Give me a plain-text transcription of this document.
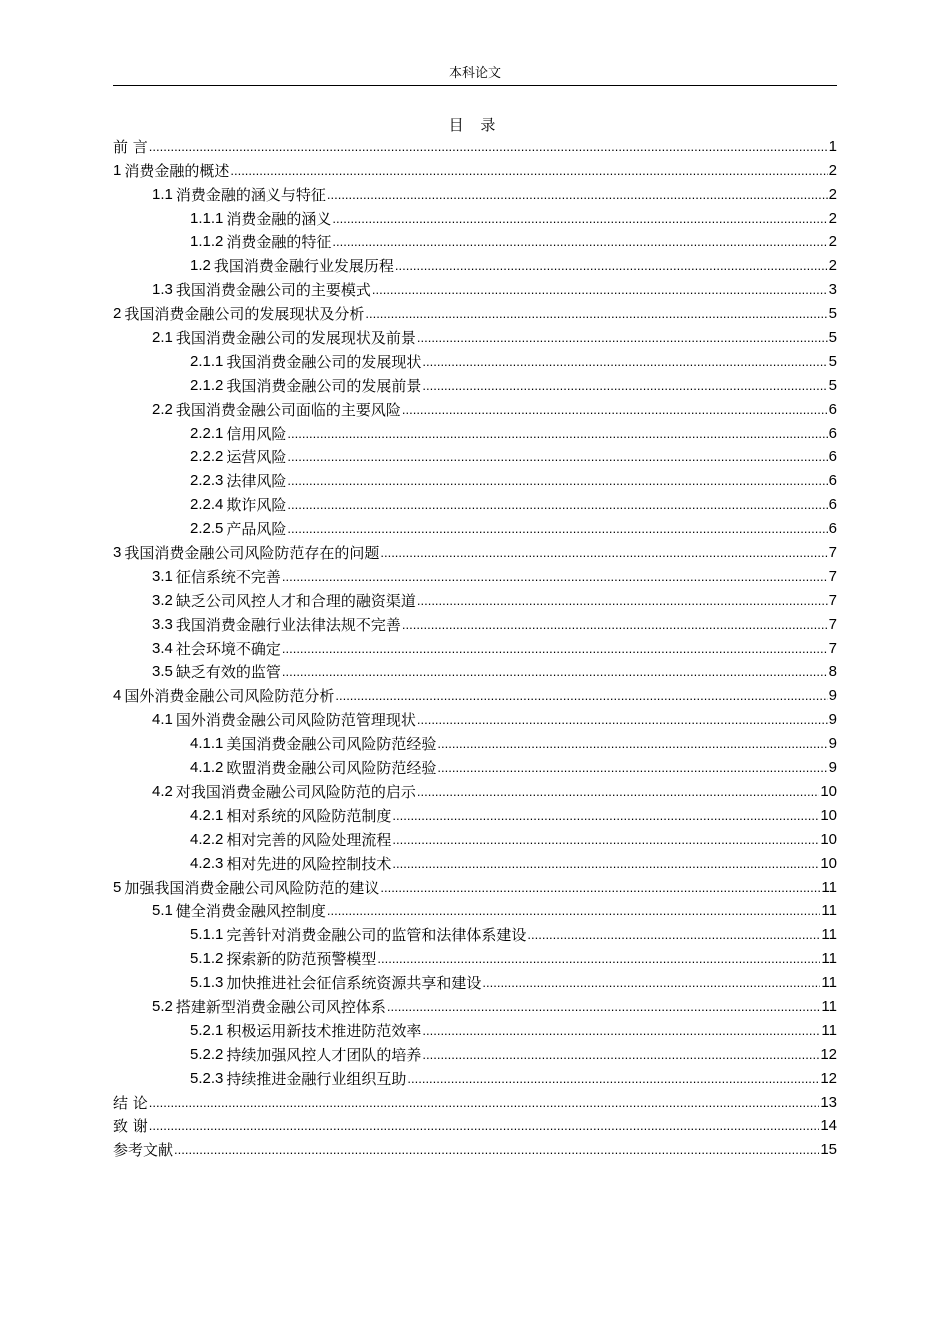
本科论文
目 录
前 言 .....	1
1 消费金融的概述 .....	2
1.1 消费金融的涵义与特征 .....	2
1.1.1 消费金融的涵义 .....	2
1.1.2 消费金融的特征 .....	2
1.2 我国消费金融行业发展历程 .....	2
1.3 我国消费金融公司的主要模式 .....	3
2 我国消费金融公司的发展现状及分析 .....	5
2.1 我国消费金融公司的发展现状及前景 .....	5
2.1.1 我国消费金融公司的发展现状 .....	5
2.1.2 我国消费金融公司的发展前景 .....	5
2.2 我国消费金融公司面临的主要风险 .....	6
2.2.1 信用风险 .....	6
2.2.2 运营风险 .....	6
2.2.3 法律风险 .....	6
2.2.4 欺诈风险 .....	6
2.2.5 产品风险 .....	6
3 我国消费金融公司风险防范存在的问题 .....	7
3.1 征信系统不完善 .....	7
3.2 缺乏公司风控人才和合理的融资渠道 .....	7
3.3 我国消费金融行业法律法规不完善 .....	7
3.4 社会环境不确定 .....	7
3.5 缺乏有效的监管 .....	8
4 国外消费金融公司风险防范分析 .....	9
4.1 国外消费金融公司风险防范管理现状 .....	9
4.1.1 美国消费金融公司风险防范经验 .....	9
4.1.2 欧盟消费金融公司风险防范经验 .....	9
4.2 对我国消费金融公司风险防范的启示 .....	10
4.2.1 相对系统的风险防范制度 .....	10
4.2.2 相对完善的风险处理流程 .....	10
4.2.3 相对先进的风险控制技术 .....	10
5 加强我国消费金融公司风险防范的建议 .....	11
5.1 健全消费金融风控制度 .....	11
5.1.1 完善针对消费金融公司的监管和法律体系建设 .....	11
5.1.2 探索新的防范预警模型 .....	11
5.1.3 加快推进社会征信系统资源共享和建设 .....	11
5.2 搭建新型消费金融公司风控体系 .....	11
5.2.1 积极运用新技术推进防范效率 .....	11
5.2.2 持续加强风控人才团队的培养 .....	12
5.2.3 持续推进金融行业组织互助 .....	12
结 论 .....	13
致 谢 .....	14
参考文献 .....	15
